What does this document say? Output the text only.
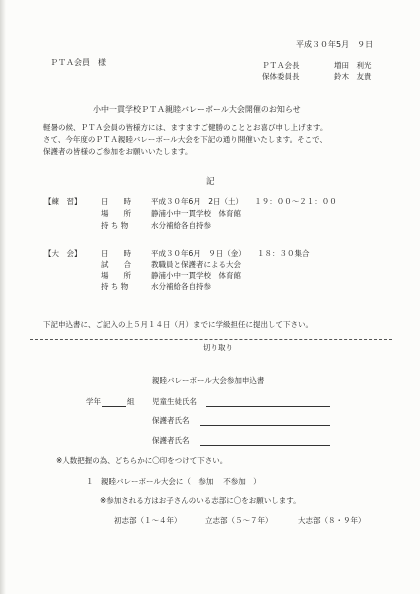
平成３０年5月　９日
ＰＴＡ会員　様	ＰＴＡ会長	増田　利光
保体委員長	鈴木　友貴
小中一貫学校ＰＴＡ親睦バレーボール大会開催のお知らせ
軽暑の候、ＰＴＡ会員の皆様方には、ますますご健勝のこととお喜び申し上げます。
さて、今年度のＰＴＡ親睦バレーボール大会を下記の通り開催いたします。そこで、
保護者の皆様のご参加をお願いいたします。
記
【練　習】	日　　時	平成３０年6月　2日（土）　　１９：００～２１：００
場　　所	静浦小中一貫学校　体育館
持 ち 物	水分補給各自持参
【大　会】	日　　時	平成３０年6月　９日（金）　　１８：３０集合
試　　合	教職員と保護者による大会
場　　所	静浦小中一貫学校　体育館
持 ち 物	水分補給各自持参
下記申込書に、ご記入の上５月１４日（月）までに学級担任に提出して下さい。
切り取り
親睦バレーボール大会参加申込書
学年	組 児童生徒氏名
保護者氏名
保護者氏名
※人数把握の為、どちらかに〇印をつけて下さい。
１　親睦バレーボール大会に（　参加　 不参加　）
※参加される方はお子さんのいる志部に〇をお願いします。
初志部（１～４年）	立志部（５～７年）	大志部（８・９年）
